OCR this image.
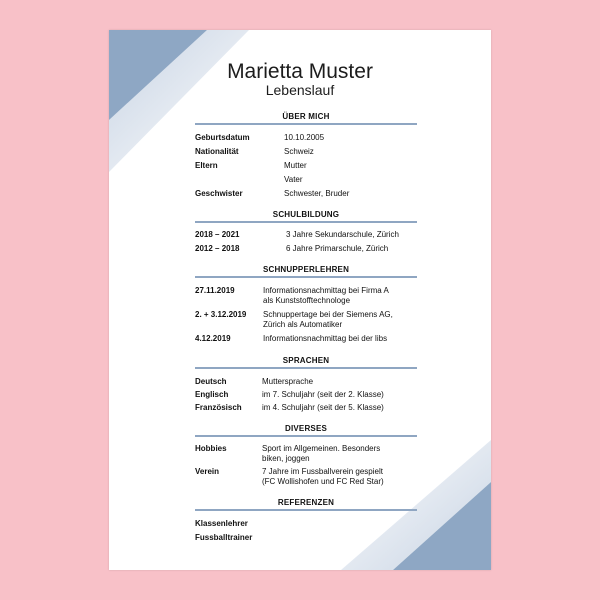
Marietta Muster
Lebenslauf
ÜBER MICH
Geburtsdatum	10.10.2005
Nationalität	Schweiz
Eltern	Mutter
Vater
Geschwister	Schwester, Bruder
SCHULBILDUNG
2018 – 2021	3 Jahre Sekundarschule, Zürich
2012 – 2018	6 Jahre Primarschule, Zürich
SCHNUPPERLEHREN
27.11.2019	Informationsnachmittag bei Firma A
als Kunststofftechnologe
2. + 3.12.2019 Schnuppertage bei der Siemens AG,
Zürich als Automatiker
4.12.2019	Informationsnachmittag bei der libs
SPRACHEN
Deutsch	Muttersprache
Englisch	im 7. Schuljahr (seit der 2. Klasse)
Französisch	im 4. Schuljahr (seit der 5. Klasse)
DIVERSES
Hobbies	Sport im Allgemeinen. Besonders
biken, joggen
Verein	7 Jahre im Fussballverein gespielt
(FC Wollishofen und FC Red Star)
REFERENZEN
Klassenlehrer
Fussballtrainer
